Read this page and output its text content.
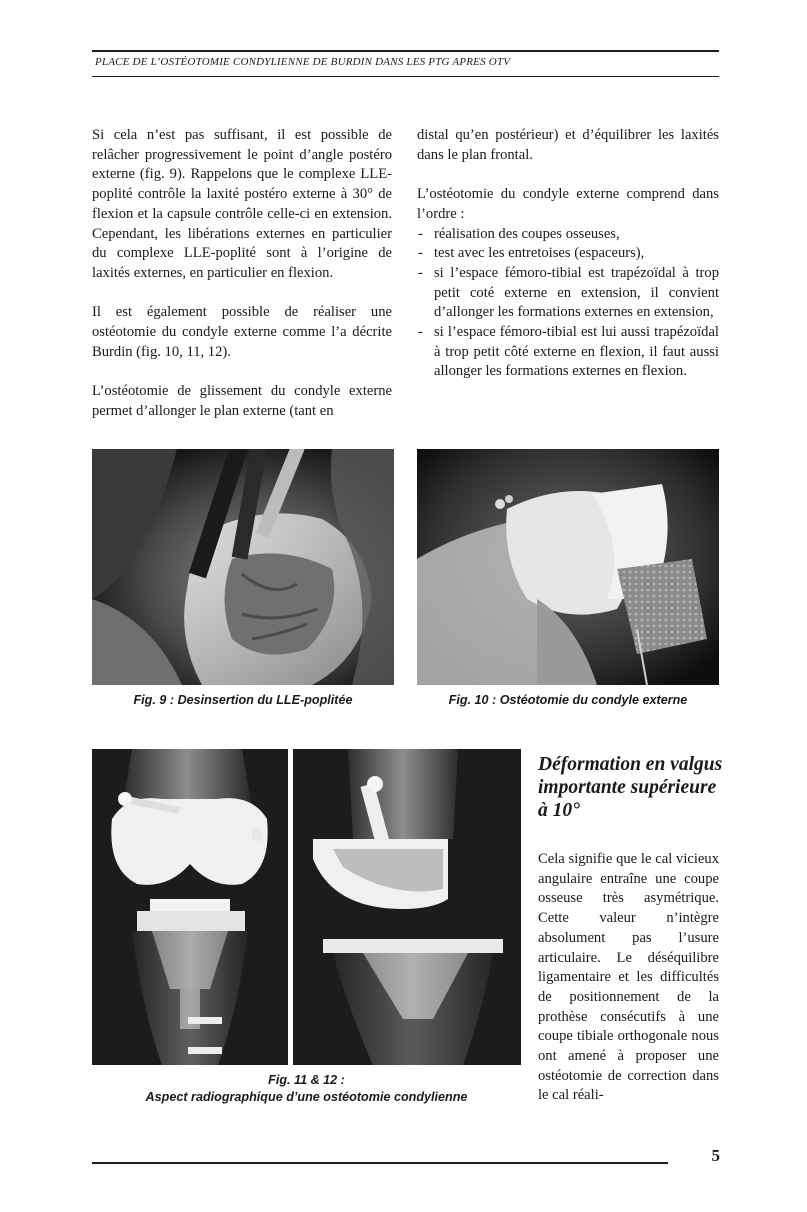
PLACE DE L’OSTÉOTOMIE CONDYLIENNE DE BURDIN DANS LES PTG APRES OTV

Si cela n’est pas suffisant, il est possible de relâcher progressivement le point d’angle postéro externe (fig. 9). Rappelons que le complexe LLE-poplité contrôle la laxité postéro externe à 30° de flexion et la capsule contrôle celle-ci en extension. Cependant, les libérations externes en particulier du complexe LLE-poplité sont à l’origine de laxités externes, en particulier en flexion.

Il est également possible de réaliser une ostéotomie du condyle externe comme l’a décrite Burdin (fig. 10, 11, 12).

L’ostéotomie de glissement du condyle externe permet d’allonger le plan externe (tant en

distal qu’en postérieur) et d’équilibrer les laxités dans le plan frontal.

L’ostéotomie du condyle externe comprend dans l’ordre :

- réalisation des coupes osseuses,
- test avec les entretoises (espaceurs),
- si l’espace fémoro-tibial est trapézoïdal à trop petit coté externe en extension, il convient d’allonger les formations externes en extension,
- si l’espace fémoro-tibial est lui aussi trapézoïdal à trop petit côté externe en flexion, il faut aussi allonger les formations externes en flexion.
Fig. 9 : Desinsertion du LLE-poplitée	Fig. 10 : Ostéotomie du condyle externe
Fig. 11 & 12 :
Aspect radiographique d’une ostéotomie condylienne
Déformation en valgus importante supérieure à 10°

Cela signifie que le cal vicieux angulaire entraîne une coupe osseuse très asymétrique. Cette valeur n’intègre absolument pas l’usure articulaire. Le déséquilibre ligamentaire et les difficultés de positionnement de la prothèse consécutifs à une coupe tibiale orthogonale nous ont amené à proposer une ostéotomie de correction dans le cal réali-

5
